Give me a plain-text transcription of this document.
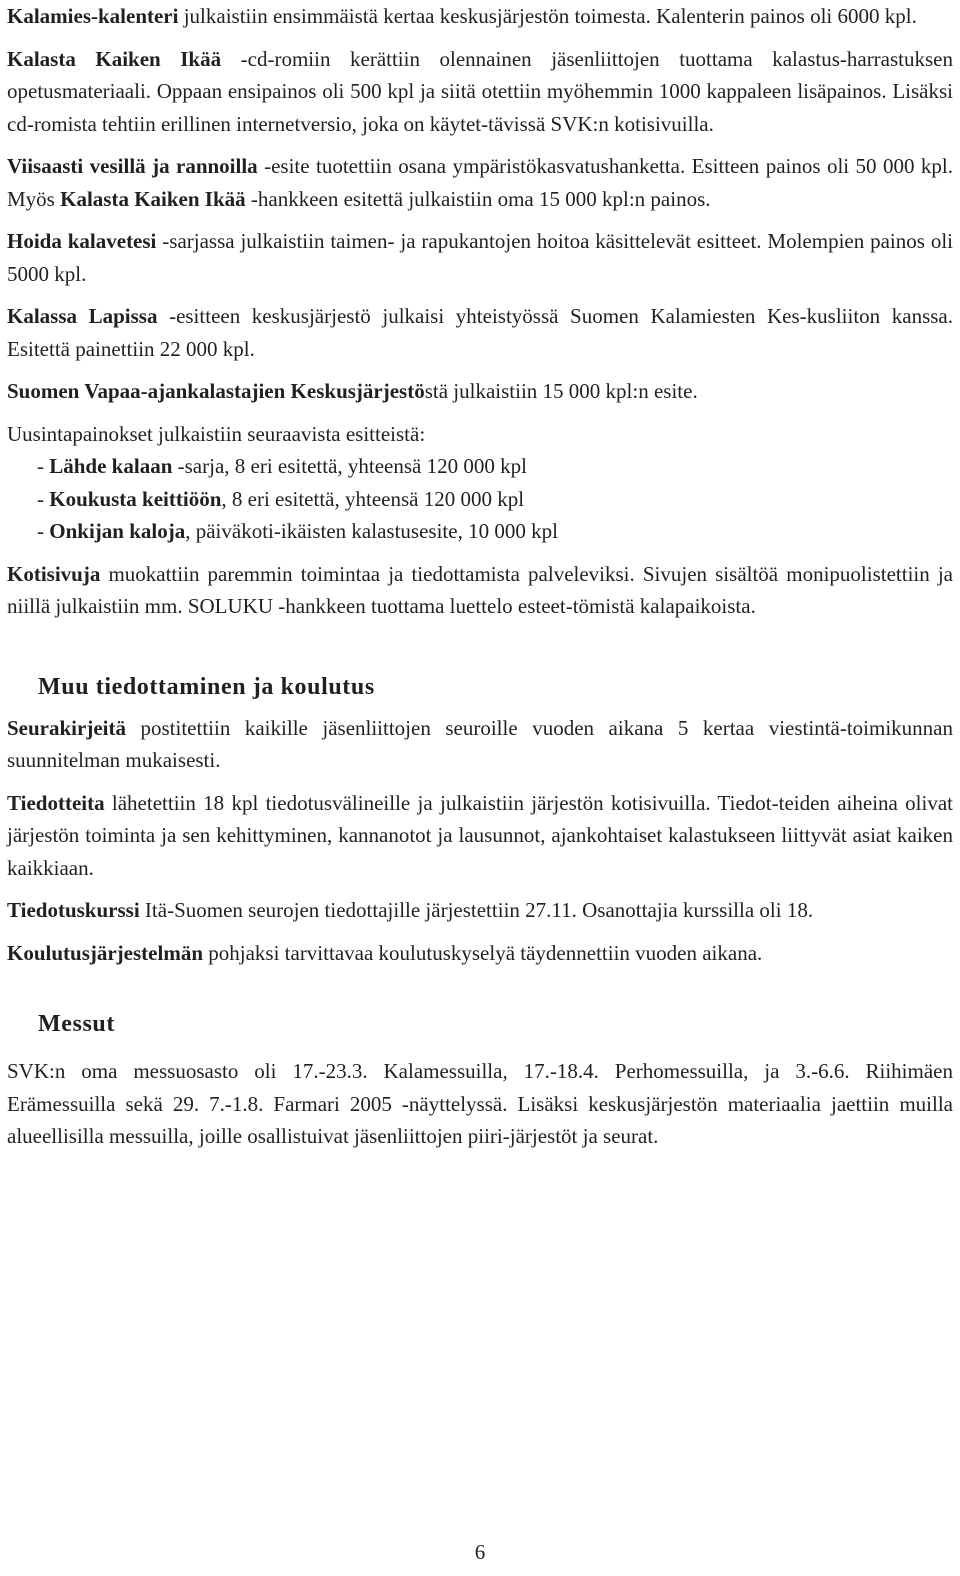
Kalamies-kalenteri julkaistiin ensimmäistä kertaa keskusjärjestön toimesta. Kalenterin painos oli 6000 kpl.

Kalasta Kaiken Ikää -cd-romiin kerättiin olennainen jäsenliittojen tuottama kalastus-harrastuksen opetusmateriaali. Oppaan ensipainos oli 500 kpl ja siitä otettiin myöhemmin 1000 kappaleen lisäpainos. Lisäksi cd-romista tehtiin erillinen internetversio, joka on käytet-tävissä SVK:n kotisivuilla.

Viisaasti vesillä ja rannoilla -esite tuotettiin osana ympäristökasvatushanketta. Esitteen painos oli 50 000 kpl. Myös Kalasta Kaiken Ikää -hankkeen esitettä julkaistiin oma 15 000 kpl:n painos.

Hoida kalavetesi -sarjassa julkaistiin taimen- ja rapukantojen hoitoa käsittelevät esitteet. Molempien painos oli 5000 kpl.

Kalassa Lapissa -esitteen keskusjärjestö julkaisi yhteistyössä Suomen Kalamiesten Kes-kusliiton kanssa. Esitettä painettiin 22 000 kpl.

Suomen Vapaa-ajankalastajien Keskusjärjestöstä julkaistiin 15 000 kpl:n esite.

Uusintapainokset julkaistiin seuraavista esitteistä:

- Lähde kalaan -sarja, 8 eri esitettä, yhteensä 120 000 kpl

- Koukusta keittiöön, 8 eri esitettä, yhteensä 120 000 kpl

- Onkijan kaloja, päiväkoti-ikäisten kalastusesite, 10 000 kpl

Kotisivuja muokattiin paremmin toimintaa ja tiedottamista palveleviksi. Sivujen sisältöä monipuolistettiin ja niillä julkaistiin mm. SOLUKU -hankkeen tuottama luettelo esteet-tömistä kalapaikoista.

Muu tiedottaminen ja koulutus

Seurakirjeitä postitettiin kaikille jäsenliittojen seuroille vuoden aikana 5 kertaa viestintä-toimikunnan suunnitelman mukaisesti.

Tiedotteita lähetettiin 18 kpl tiedotusvälineille ja julkaistiin järjestön kotisivuilla. Tiedot-teiden aiheina olivat järjestön toiminta ja sen kehittyminen, kannanotot ja lausunnot, ajankohtaiset kalastukseen liittyvät asiat kaiken kaikkiaan.

Tiedotuskurssi Itä-Suomen seurojen tiedottajille järjestettiin 27.11. Osanottajia kurssilla oli 18.

Koulutusjärjestelmän pohjaksi tarvittavaa koulutuskyselyä täydennettiin vuoden aikana.

Messut

SVK:n oma messuosasto oli 17.-23.3. Kalamessuilla, 17.-18.4. Perhomessuilla, ja 3.-6.6. Riihimäen Erämessuilla sekä 29. 7.-1.8. Farmari 2005 -näyttelyssä. Lisäksi keskusjärjestön materiaalia jaettiin muilla alueellisilla messuilla, joille osallistuivat jäsenliittojen piiri-järjestöt ja seurat.

6
